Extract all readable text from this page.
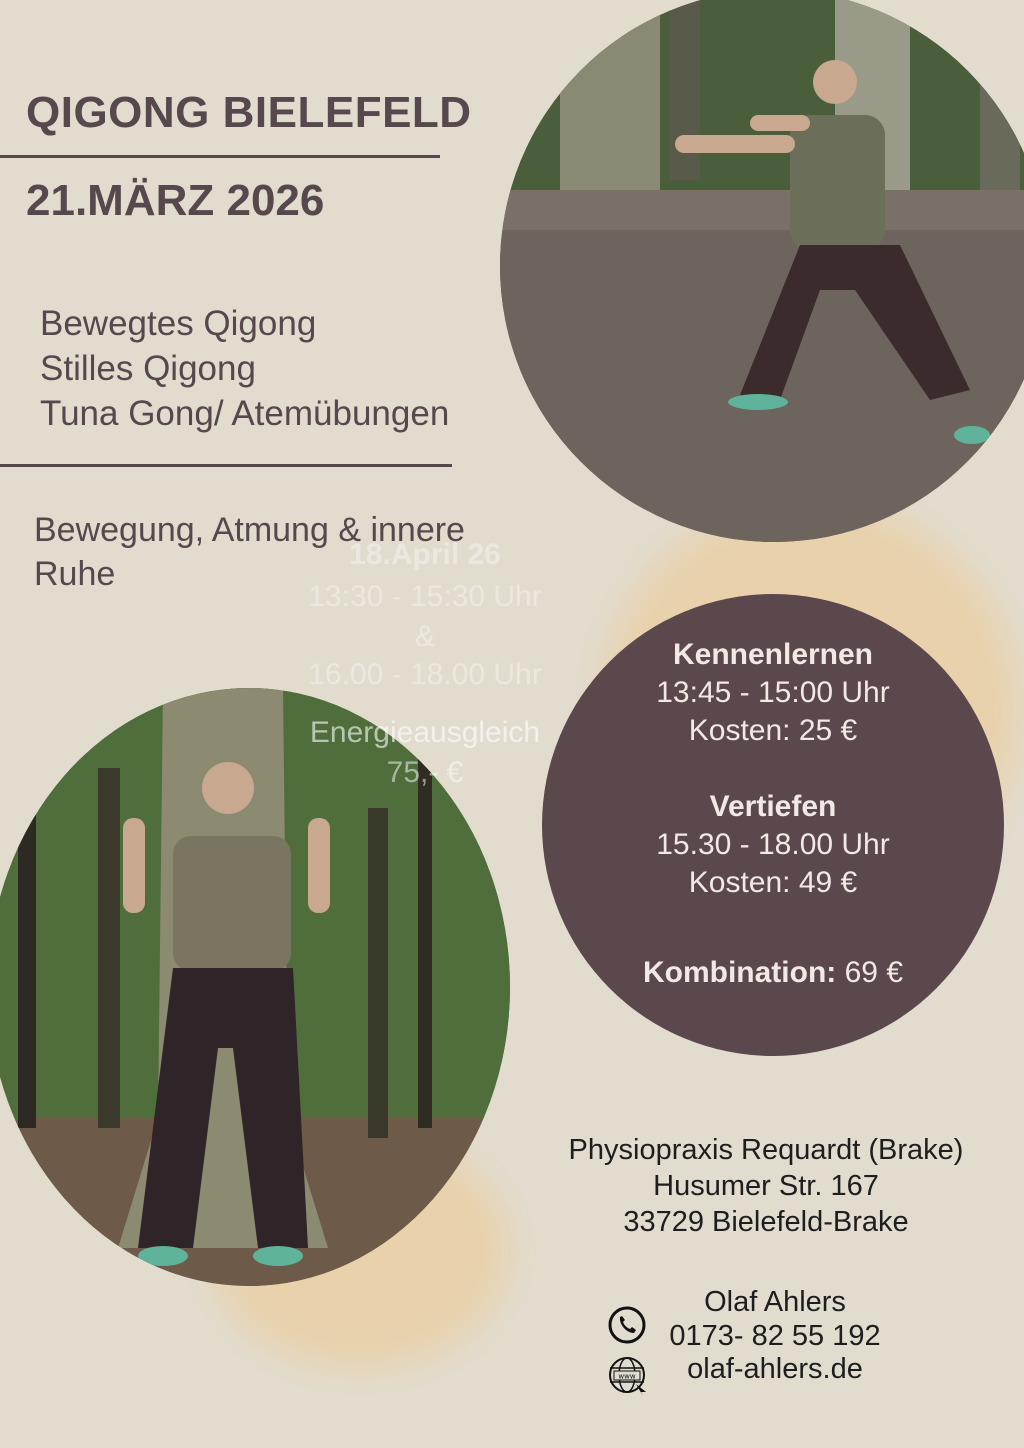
QIGONG BIELEFELD
21.MÄRZ 2026
Bewegtes Qigong
Stilles Qigong
Tuna Gong/ Atemübungen
Bewegung, Atmung & innere Ruhe
18.April 26
13:30 - 15:30 Uhr
&
16.00 - 18.00 Uhr
Energieausgleich
75,- €
Kennenlernen
13:45 - 15:00 Uhr
Kosten: 25 €
Vertiefen
15.30 - 18.00 Uhr
Kosten: 49 €
Kombination: 69 €
Physiopraxis Requardt (Brake)
Husumer Str. 167
33729 Bielefeld-Brake
Olaf Ahlers
0173- 82 55 192
olaf-ahlers.de
www
